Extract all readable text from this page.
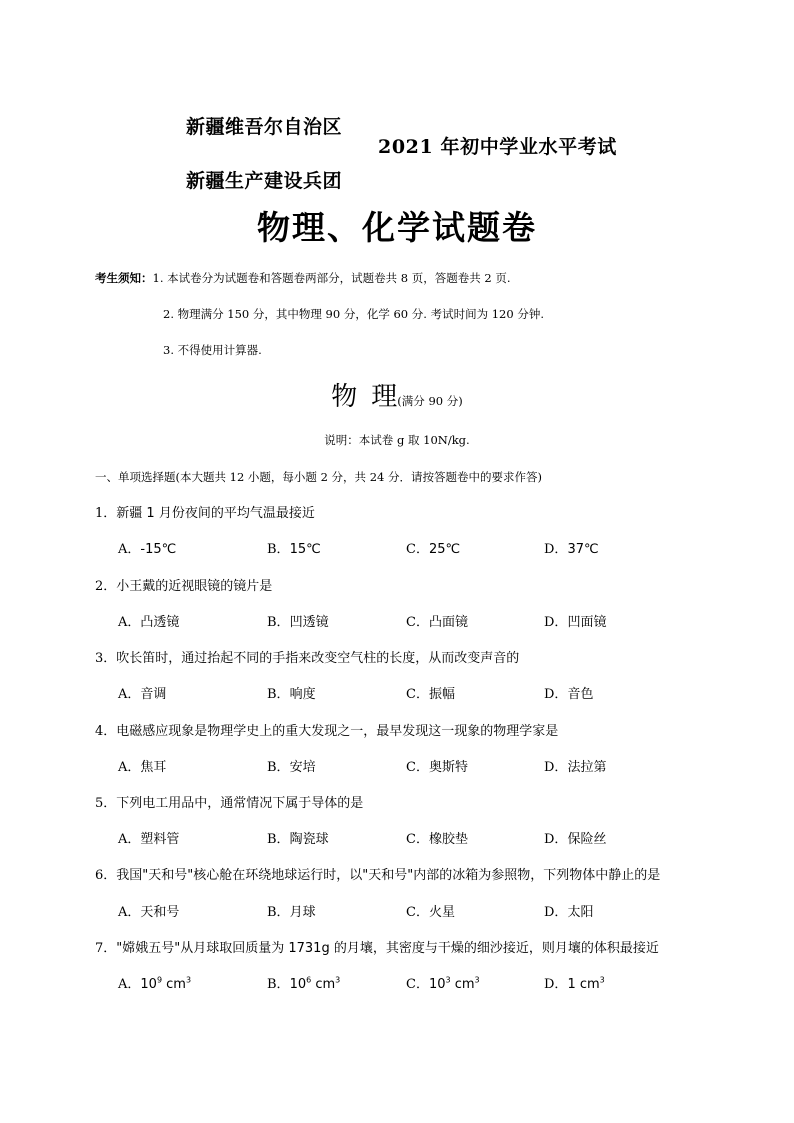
新疆维吾尔自治区
新疆生产建设兵团
2021 年初中学业水平考试
物理、化学试题卷
考生须知：1. 本试卷分为试题卷和答题卷两部分，试题卷共 8 页，答题卷共 2 页.
2. 物理满分 150 分，其中物理 90 分，化学 60 分. 考试时间为 120 分钟.
3. 不得使用计算器.
物 理(满分 90 分)
说明：本试卷 g 取 10N/kg.
一、单项选择题(本大题共 12 小题，每小题 2 分，共 24 分．请按答题卷中的要求作答)
1．新疆 1 月份夜间的平均气温最接近
A．-15℃	B．15℃	C．25℃	D．37℃
2．小王戴的近视眼镜的镜片是
A．凸透镜	B．凹透镜	C．凸面镜	D．凹面镜
3．吹长笛时，通过抬起不同的手指来改变空气柱的长度，从而改变声音的
A．音调	B．响度	C．振幅	D．音色
4．电磁感应现象是物理学史上的重大发现之一，最早发现这一现象的物理学家是
A．焦耳	B．安培	C．奥斯特	D．法拉第
5．下列电工用品中，通常情况下属于导体的是
A．塑料管	B．陶瓷球	C．橡胶垫	D．保险丝
6．我国"天和号"核心舱在环绕地球运行时，以"天和号"内部的冰箱为参照物，下列物体中静止的是
A．天和号	B．月球	C．火星	D．太阳
7．"嫦娥五号"从月球取回质量为 1731g 的月壤，其密度与干燥的细沙接近，则月壤的体积最接近
A．$10^9$ $cm^3$	B．$10^6$ $cm^3$	C．$10^3$ $cm^3$	D．1 $cm^3$
